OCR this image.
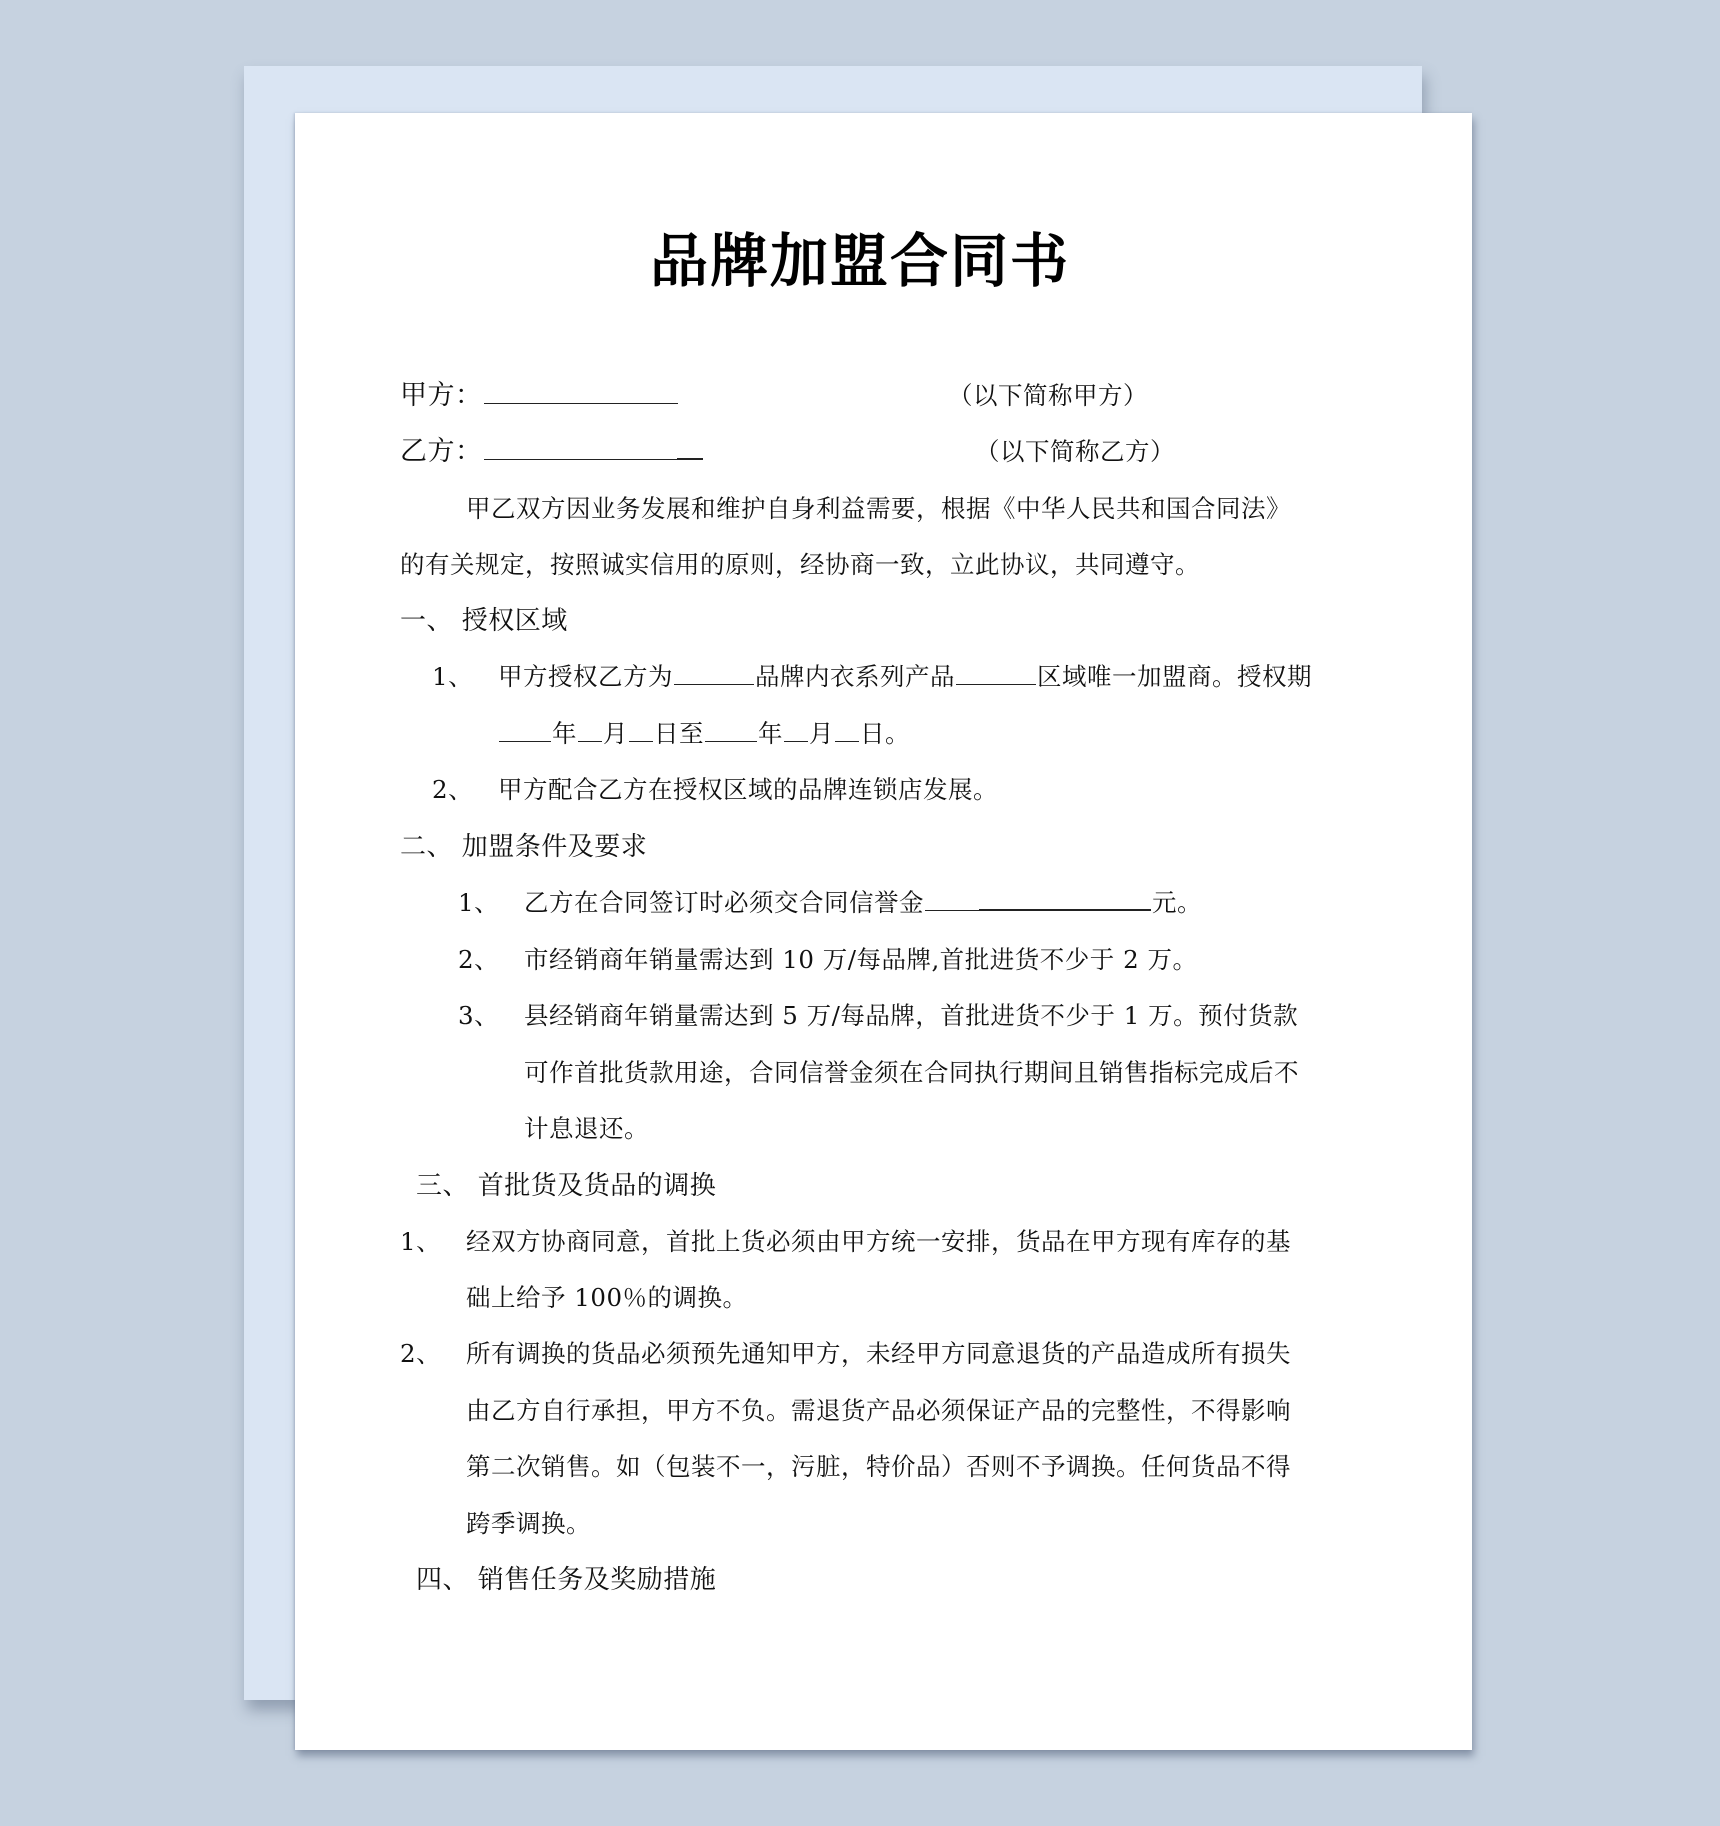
品牌加盟合同书
甲方：	（以下简称甲方）
乙方：	（以下简称乙方）
甲乙双方因业务发展和维护自身利益需要，根据《中华人民共和国合同法》
的有关规定，按照诚实信用的原则，经协商一致，立此协议，共同遵守。
一、 授权区域
1、 甲方授权乙方为	品牌内衣系列产品	区域唯一加盟商。授权期
年 月 日至 年 月 日。
2、 甲方配合乙方在授权区域的品牌连锁店发展。
二、 加盟条件及要求
1、 乙方在合同签订时必须交合同信誉金	元。
2、 市经销商年销量需达到 10 万/每品牌,首批进货不少于 2 万。
3、 县经销商年销量需达到 5 万/每品牌，首批进货不少于 1 万。预付货款
可作首批货款用途，合同信誉金须在合同执行期间且销售指标完成后不
计息退还。
三、 首批货及货品的调换
1、 经双方协商同意，首批上货必须由甲方统一安排，货品在甲方现有库存的基
础上给予 100％的调换。
2、 所有调换的货品必须预先通知甲方，未经甲方同意退货的产品造成所有损失
由乙方自行承担，甲方不负。需退货产品必须保证产品的完整性，不得影响
第二次销售。如（包装不一，污脏，特价品）否则不予调换。任何货品不得
跨季调换。
四、 销售任务及奖励措施
